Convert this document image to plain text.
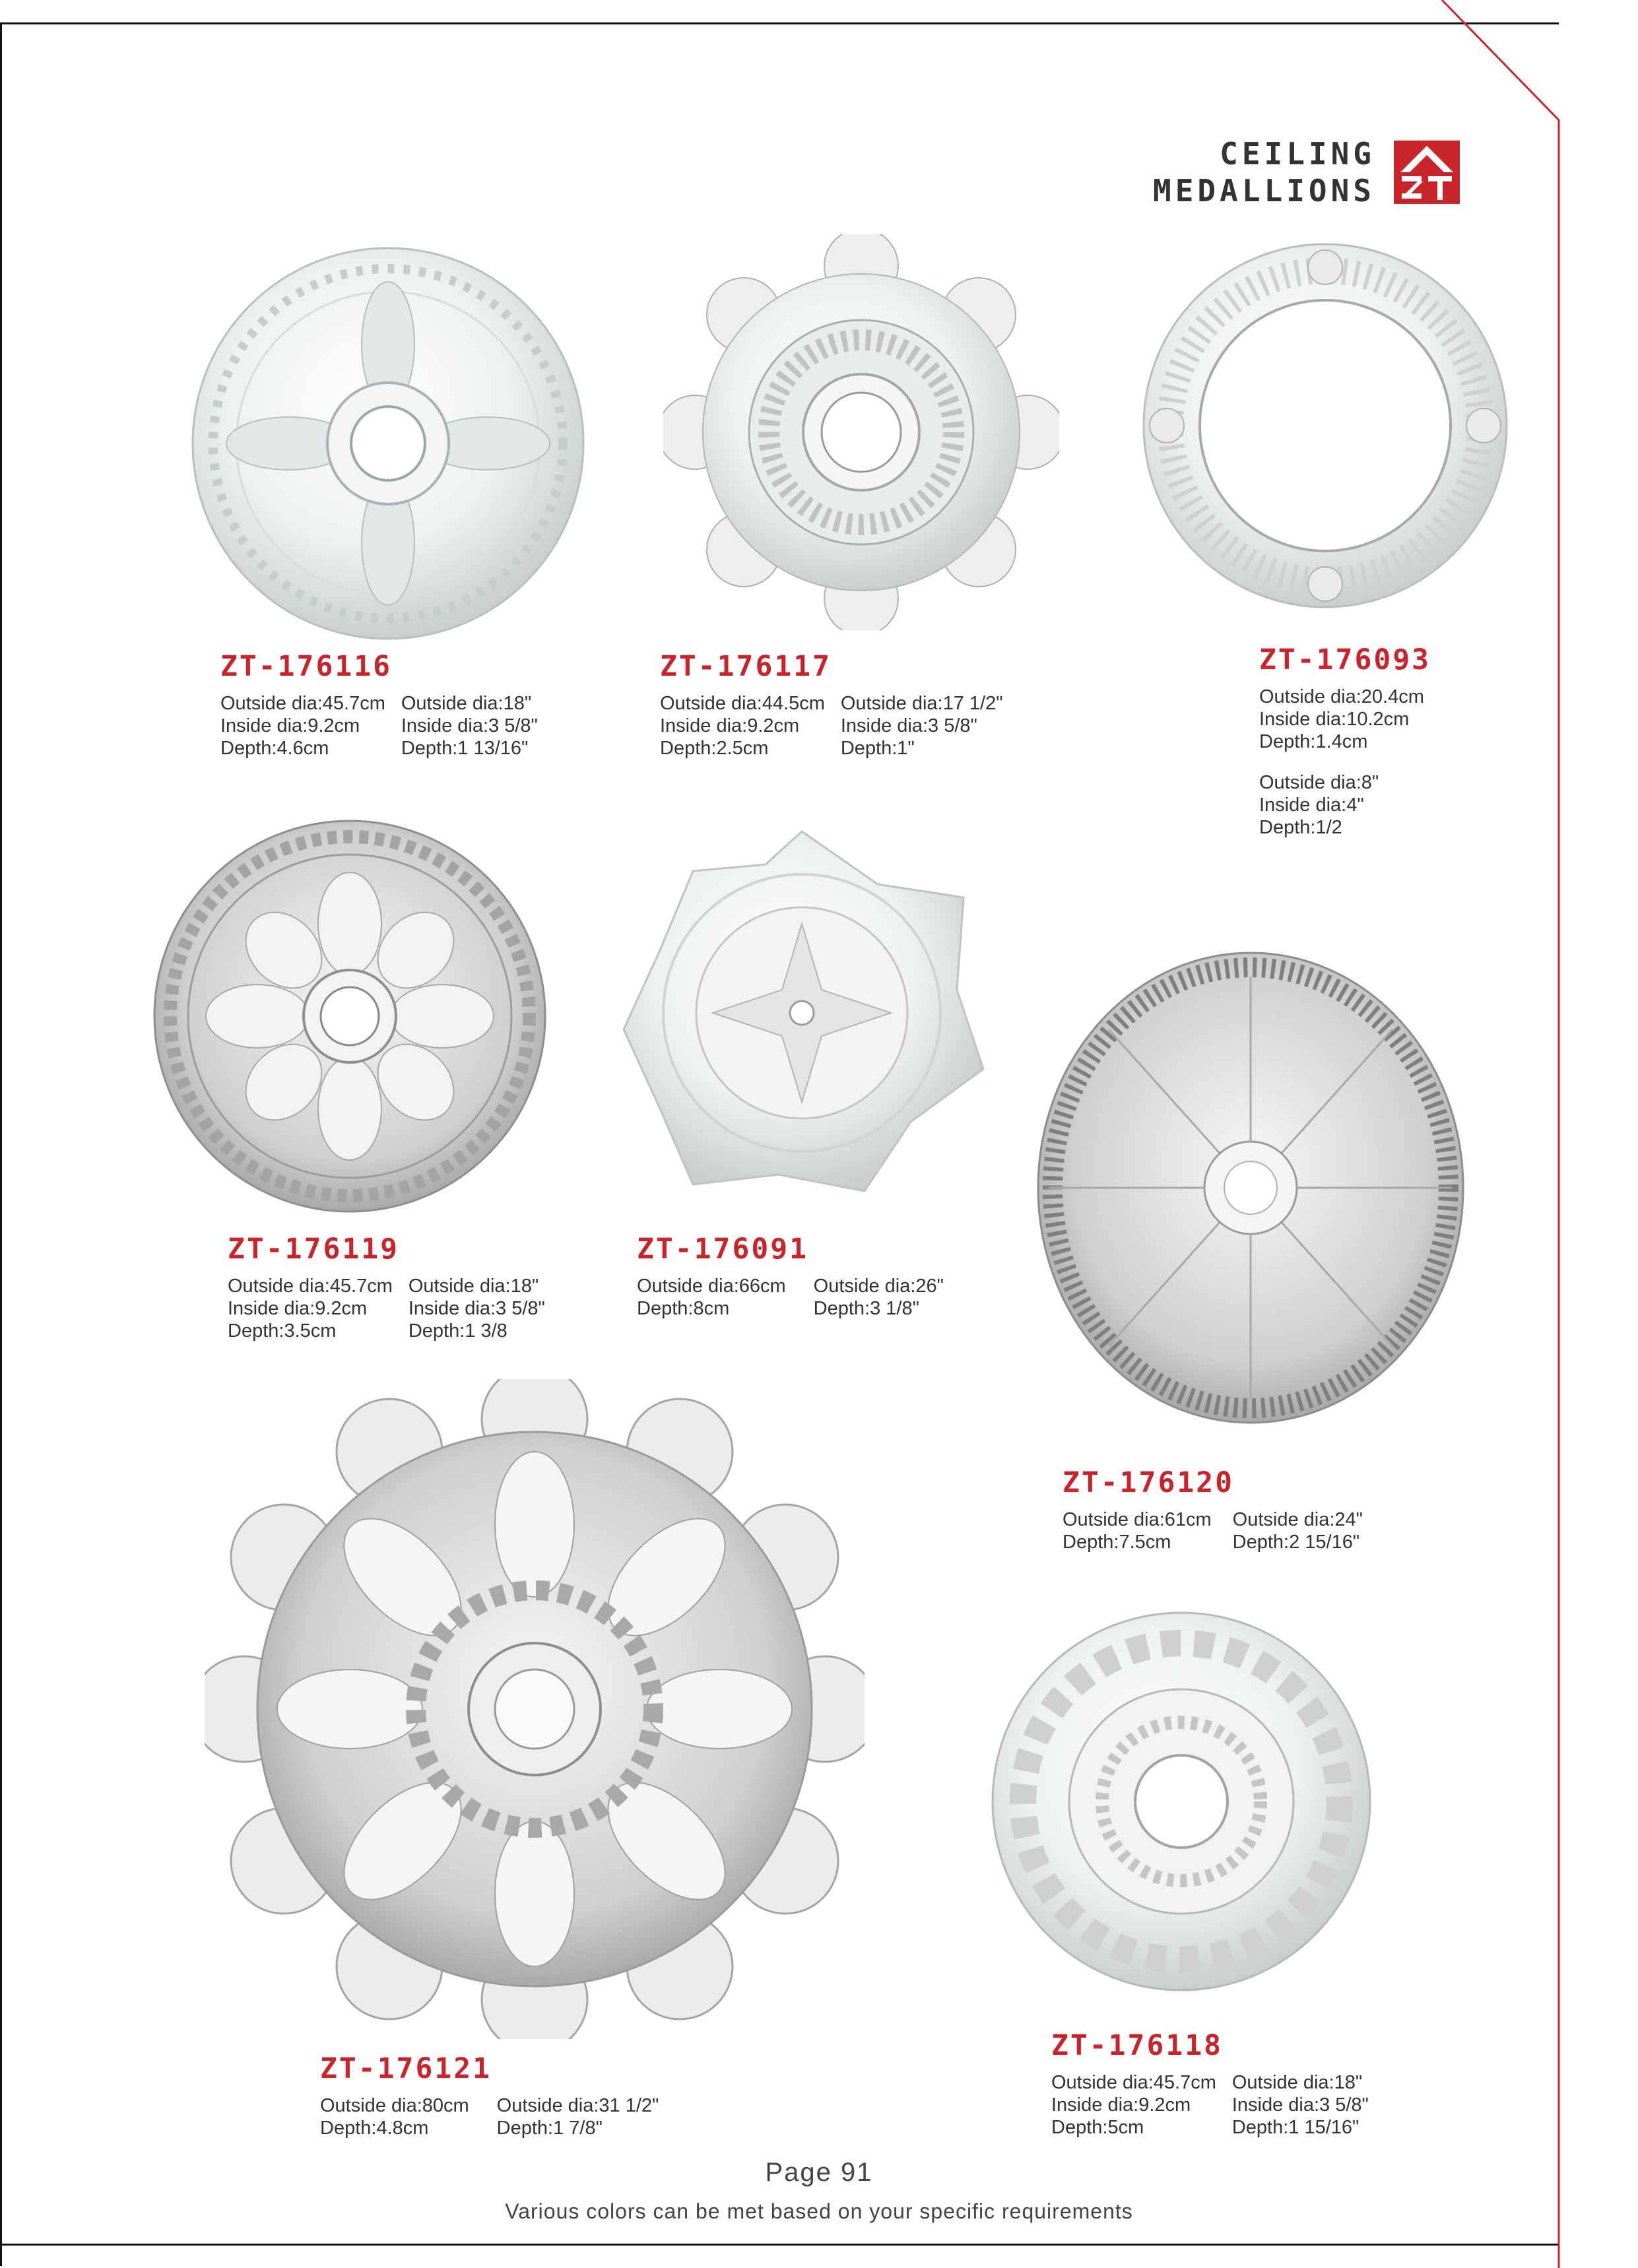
CEILING
MEDALLIONS
ZT-176116
Outside dia:45.7cm
Inside dia:9.2cm
Depth:4.6cm
Outside dia:18"
Inside dia:3 5/8"
Depth:1 13/16"
ZT-176117
Outside dia:44.5cm
Inside dia:9.2cm
Depth:2.5cm
Outside dia:17 1/2"
Inside dia:3 5/8"
Depth:1"
ZT-176093
Outside dia:20.4cm
Inside dia:10.2cm
Depth:1.4cm
Outside dia:8"
Inside dia:4"
Depth:1/2
ZT-176119
Outside dia:45.7cm
Inside dia:9.2cm
Depth:3.5cm
Outside dia:18"
Inside dia:3 5/8"
Depth:1 3/8
ZT-176091
Outside dia:66cm
Depth:8cm
Outside dia:26"
Depth:3 1/8"
ZT-176120
Outside dia:61cm
Depth:7.5cm
Outside dia:24"
Depth:2 15/16"
ZT-176121
Outside dia:80cm
Depth:4.8cm
Outside dia:31 1/2"
Depth:1 7/8"
ZT-176118
Outside dia:45.7cm
Inside dia:9.2cm
Depth:5cm
Outside dia:18"
Inside dia:3 5/8"
Depth:1 15/16"
Page 91
Various colors can be met based on your specific requirements
